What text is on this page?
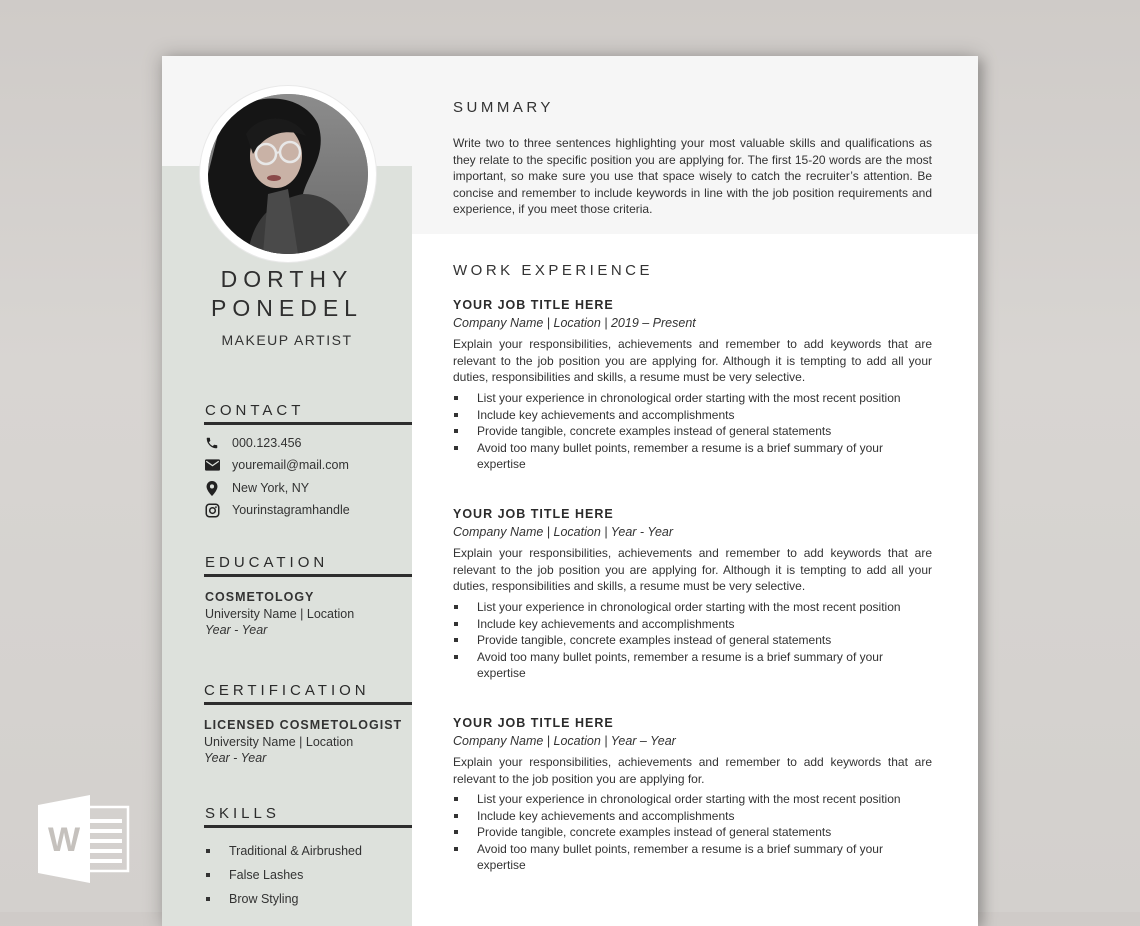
DORTHY
PONEDEL
MAKEUP ARTIST
CONTACT
000.123.456
youremail@mail.com
New York, NY
Yourinstagramhandle
EDUCATION
COSMETOLOGY
University Name | Location
Year - Year
CERTIFICATION
LICENSED COSMETOLOGIST
University Name | Location
Year - Year
SKILLS
Traditional & Airbrushed
False Lashes
Brow Styling
SUMMARY
Write two to three sentences highlighting your most valuable skills and qualifications as they relate to the specific position you are applying for. The first 15-20 words are the most important, so make sure you use that space wisely to catch the recruiter’s attention. Be concise and remember to include keywords in line with the job position requirements and experience, if you meet those criteria.
WORK EXPERIENCE
YOUR JOB TITLE HERE
Company Name | Location | 2019 – Present
Explain your responsibilities, achievements and remember to add keywords that are relevant to the job position you are applying for. Although it is tempting to add all your duties, responsibilities and skills, a resume must be very selective.
List your experience in chronological order starting with the most recent position
Include key achievements and accomplishments
Provide tangible, concrete examples instead of general statements
Avoid too many bullet points, remember a resume is a brief summary of your expertise
YOUR JOB TITLE HERE
Company Name | Location | Year - Year
Explain your responsibilities, achievements and remember to add keywords that are relevant to the job position you are applying for. Although it is tempting to add all your duties, responsibilities and skills, a resume must be very selective.
List your experience in chronological order starting with the most recent position
Include key achievements and accomplishments
Provide tangible, concrete examples instead of general statements
Avoid too many bullet points, remember a resume is a brief summary of your expertise
YOUR JOB TITLE HERE
Company Name | Location | Year – Year
Explain your responsibilities, achievements and remember to add keywords that are relevant to the job position you are applying for.
List your experience in chronological order starting with the most recent position
Include key achievements and accomplishments
Provide tangible, concrete examples instead of general statements
Avoid too many bullet points, remember a resume is a brief summary of your expertise
W
